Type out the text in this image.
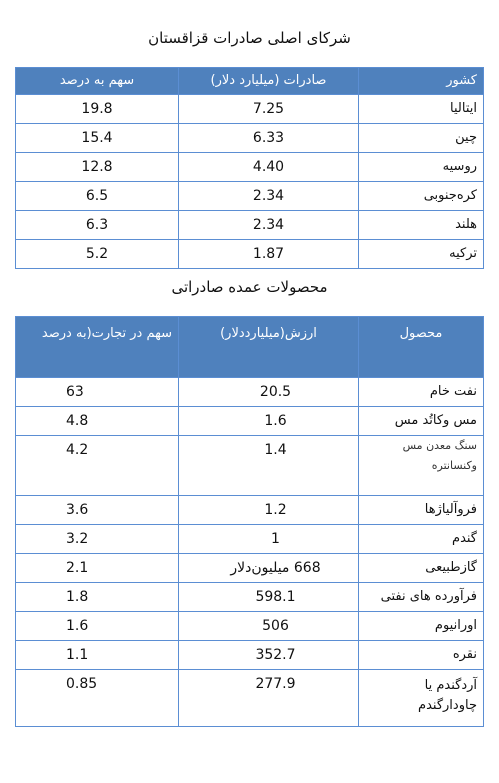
شرکای اصلی صادرات قزاقستان
کشور	صادرات (میلیارد دلار)	سهم به درصد
ایتالیا	7.25	19.8
چین	6.33	15.4
روسیه	4.40	12.8
کره‌جنوبی	2.34	6.5
هلند	2.34	6.3
ترکیه	1.87	5.2
محصولات عمده صادراتی
محصول	ارزش(میلیارددلار)	سهم در تجارت(به درصد
نفت خام	20.5	63
مس وکاتُد مس	1.6	4.8

سنگ معدن مس وکنسانتره	1.4	4.2
فروآلیاژها	1.2	3.6
گندم	1	3.2
گازطبیعی	668 میلیون‌دلار	2.1
فرآورده های نفتی	598.1	1.8
اورانیوم	506	1.6
نقره	352.7	1.1

آردگندم یا چاودارگندم	277.9	0.85
